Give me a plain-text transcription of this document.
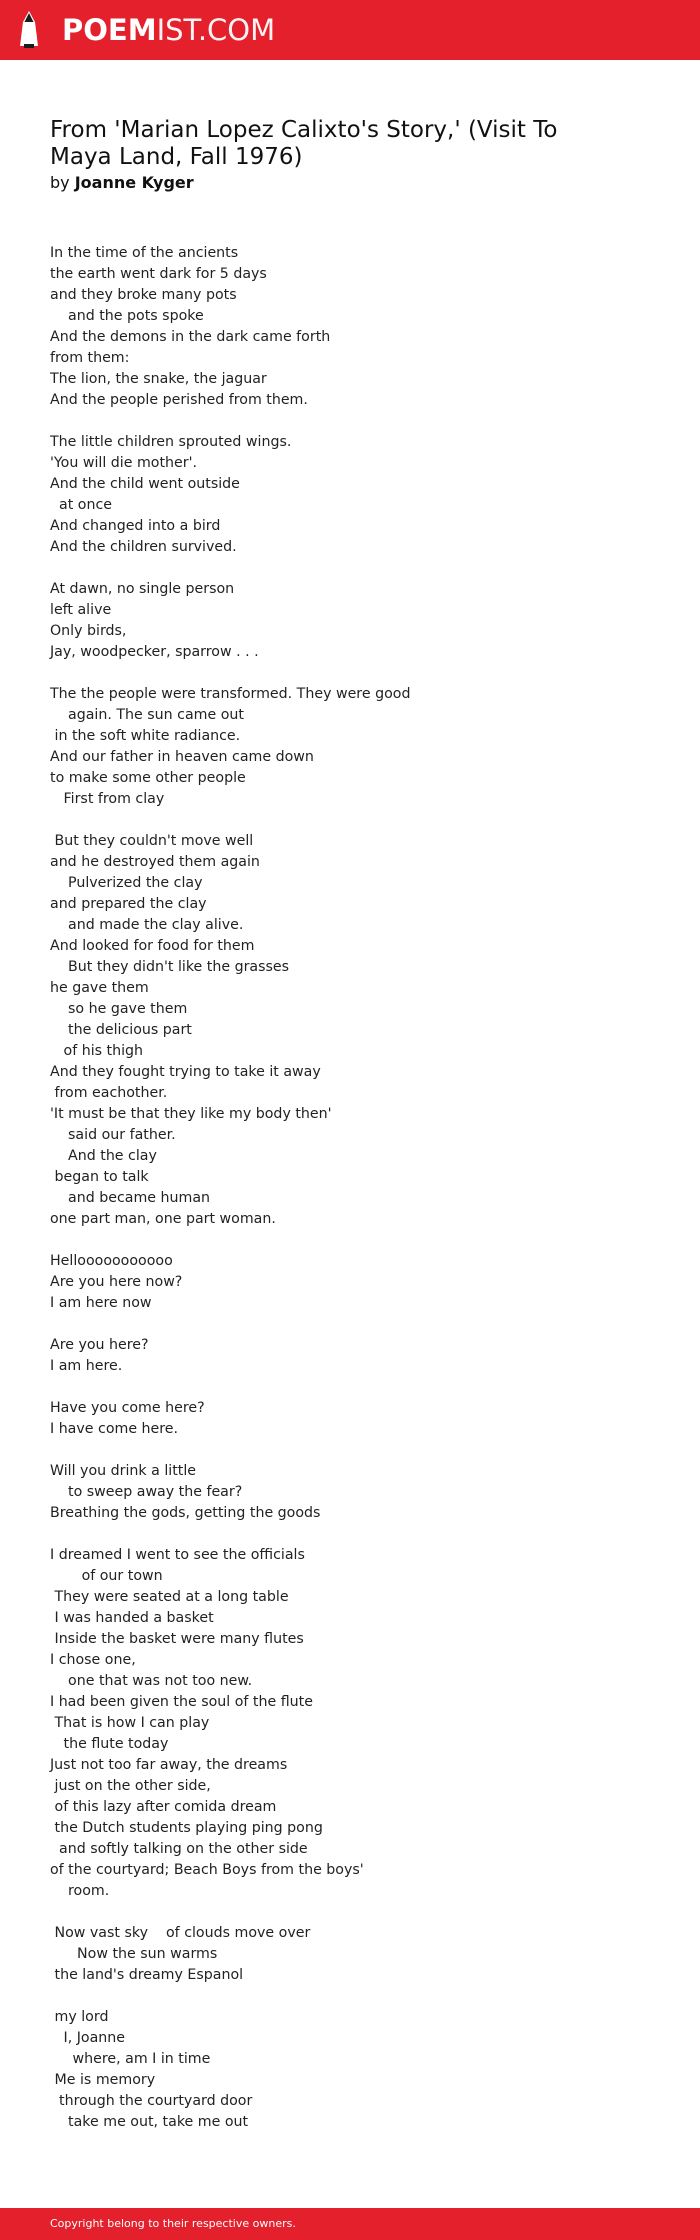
POEMIST.COM
From 'Marian Lopez Calixto's Story,' (Visit To Maya Land, Fall 1976)
by Joanne Kyger
In the time of the ancients
the earth went dark for 5 days
and they broke many pots
and the pots spoke
And the demons in the dark came forth
from them:
The lion, the snake, the jaguar
And the people perished from them.
The little children sprouted wings.
'You will die mother'.
And the child went outside
at once
And changed into a bird
And the children survived.
At dawn, no single person
left alive
Only birds,
Jay, woodpecker, sparrow . . .
The the people were transformed. They were good
again. The sun came out
in the soft white radiance.
And our father in heaven came down
to make some other people
First from clay
But they couldn't move well
and he destroyed them again
Pulverized the clay
and prepared the clay
and made the clay alive.
And looked for food for them
But they didn't like the grasses
he gave them
so he gave them
the delicious part
of his thigh
And they fought trying to take it away
from eachother.
'It must be that they like my body then'
said our father.
And the clay
began to talk
and became human
one part man, one part woman.
Hellooooooooooo
Are you here now?
I am here now
Are you here?
I am here.
Have you come here?
I have come here.
Will you drink a little
to sweep away the fear?
Breathing the gods, getting the goods
I dreamed I went to see the officials
of our town
They were seated at a long table
I was handed a basket
Inside the basket were many flutes
I chose one,
one that was not too new.
I had been given the soul of the flute
That is how I can play
the flute today
Just not too far away, the dreams
just on the other side,
of this lazy after comida dream
the Dutch students playing ping pong
and softly talking on the other side
of the courtyard; Beach Boys from the boys'
room.
Now vast sky    of clouds move over
Now the sun warms
the land's dreamy Espanol
my lord
I, Joanne
where, am I in time
Me is memory
through the courtyard door
take me out, take me out
Copyright belong to their respective owners.
